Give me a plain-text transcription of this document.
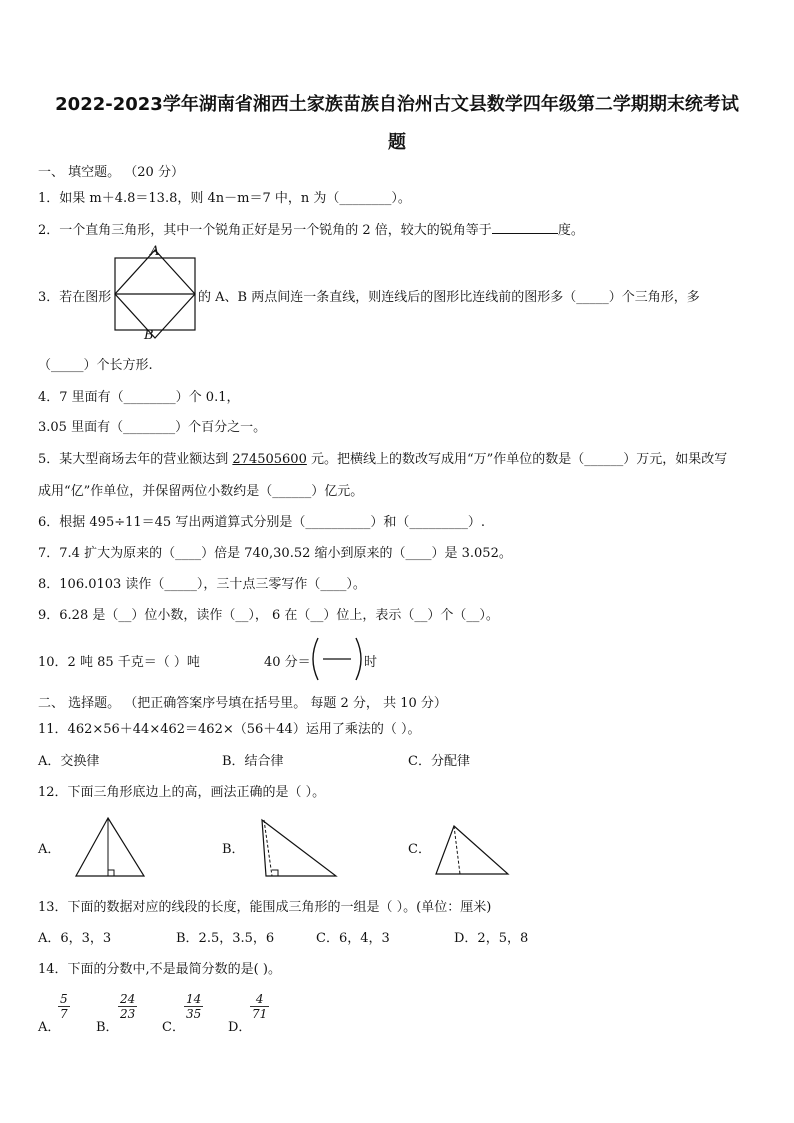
2022-2023学年湖南省湘西土家族苗族自治州古文县数学四年级第二学期期末统考试
题
一、 填空题。 （20 分）
1．如果 m＋4.8＝13.8，则 4n－m＝7 中，n 为（________）。
2．一个直角三角形，其中一个锐角正好是另一个锐角的 2 倍，较大的锐角等于	度。
3．若在图形
A
B
的 A、B 两点间连一条直线，则连线后的图形比连线前的图形多（_____）个三角形，多
（_____）个长方形.
4．7 里面有（________）个 0.1，
3.05 里面有（________）个百分之一。
5．某大型商场去年的营业额达到 274505600 元。把横线上的数改写成用“万”作单位的数是（______）万元，如果改写
成用“亿”作单位，并保留两位小数约是（______）亿元。
6．根据 495÷11＝45 写出两道算式分别是（__________）和（_________）.
7．7.4 扩大为原来的（____）倍是 740,30.52 缩小到原来的（____）是 3.052。
8．106.0103 读作（_____），三十点三零写作（____）。
9．6.28 是（__）位小数，读作（__）， 6 在（__）位上，表示（__）个（__）。
10．2 吨 85 千克＝（ ）吨	40 分＝	时
二、 选择题。 （把正确答案序号填在括号里。 每题 2 分， 共 10 分）
11．462×56＋44×462＝462×（56＋44）运用了乘法的（ ）。
A．交换律	B．结合律	C．分配律
12．下面三角形底边上的高，画法正确的是（ ）。
A．	B．	C．
13．下面的数据对应的线段的长度，能围成三角形的一组是（ ）。(单位：厘米)
A．6，3，3	B．2.5，3.5，6	C．6，4，3	D．2，5，8
14．下面的分数中,不是最简分数的是( )。
A．
$\frac{5}{7}$
B．
$\frac{24}{23}$
C．
$\frac{14}{35}$
D．
$\frac{4}{71}$
